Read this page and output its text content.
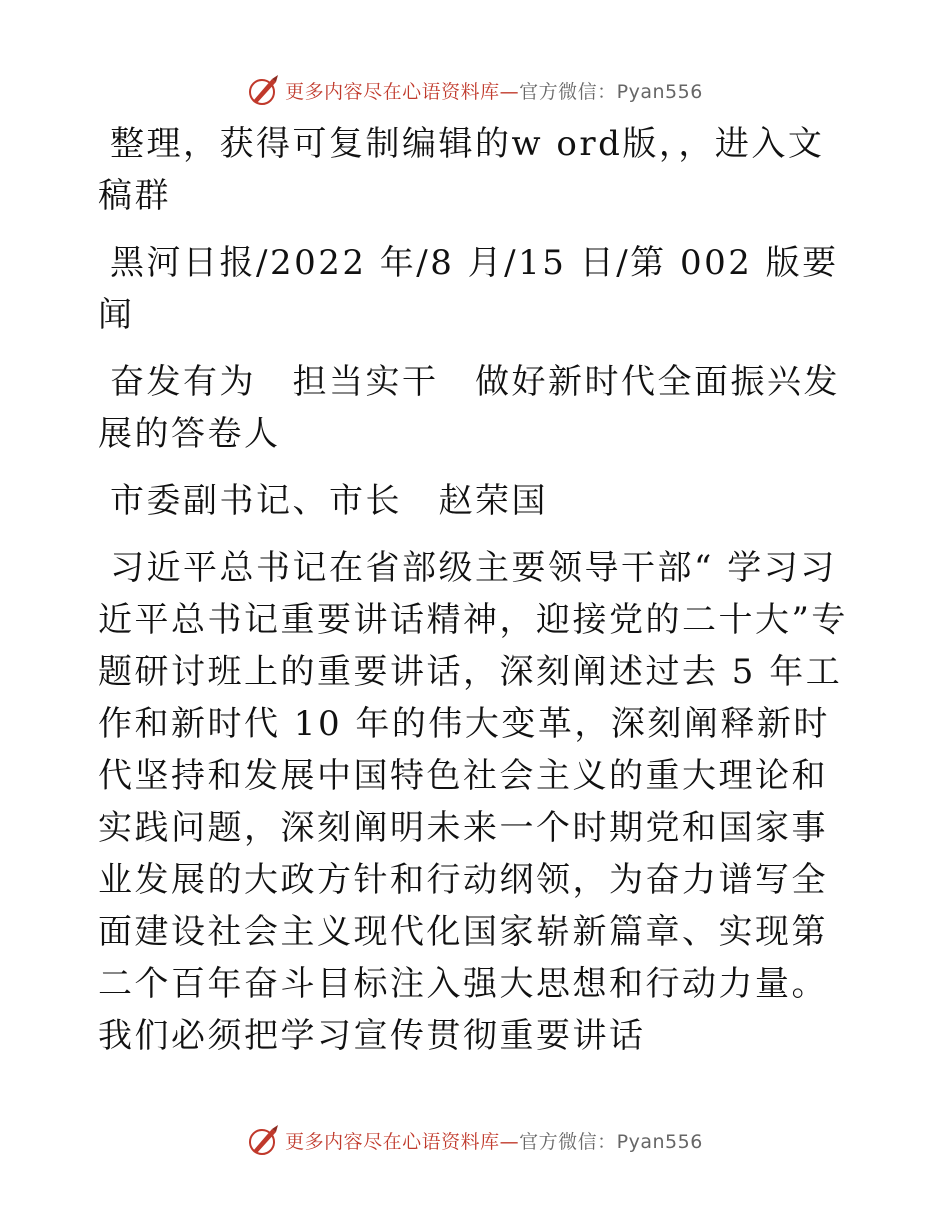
更多内容尽在心语资料库—官方微信：Pyan556

整理，获得可复制编辑的w ord版，，进入文稿群

黑河日报/2022 年/8 月/15 日/第 002 版要闻

奋发有为　担当实干　做好新时代全面振兴发展的答卷人

市委副书记、市长　赵荣国

习近平总书记在省部级主要领导干部“ 学习习近平总书记重要讲话精神，迎接党的二十大”专题研讨班上的重要讲话，深刻阐述过去 5 年工作和新时代 10 年的伟大变革，深刻阐释新时代坚持和发展中国特色社会主义的重大理论和实践问题，深刻阐明未来一个时期党和国家事业发展的大政方针和行动纲领，为奋力谱写全面建设社会主义现代化国家崭新篇章、实现第二个百年奋斗目标注入强大思想和行动力量。我们必须把学习宣传贯彻重要讲话

更多内容尽在心语资料库—官方微信：Pyan556
